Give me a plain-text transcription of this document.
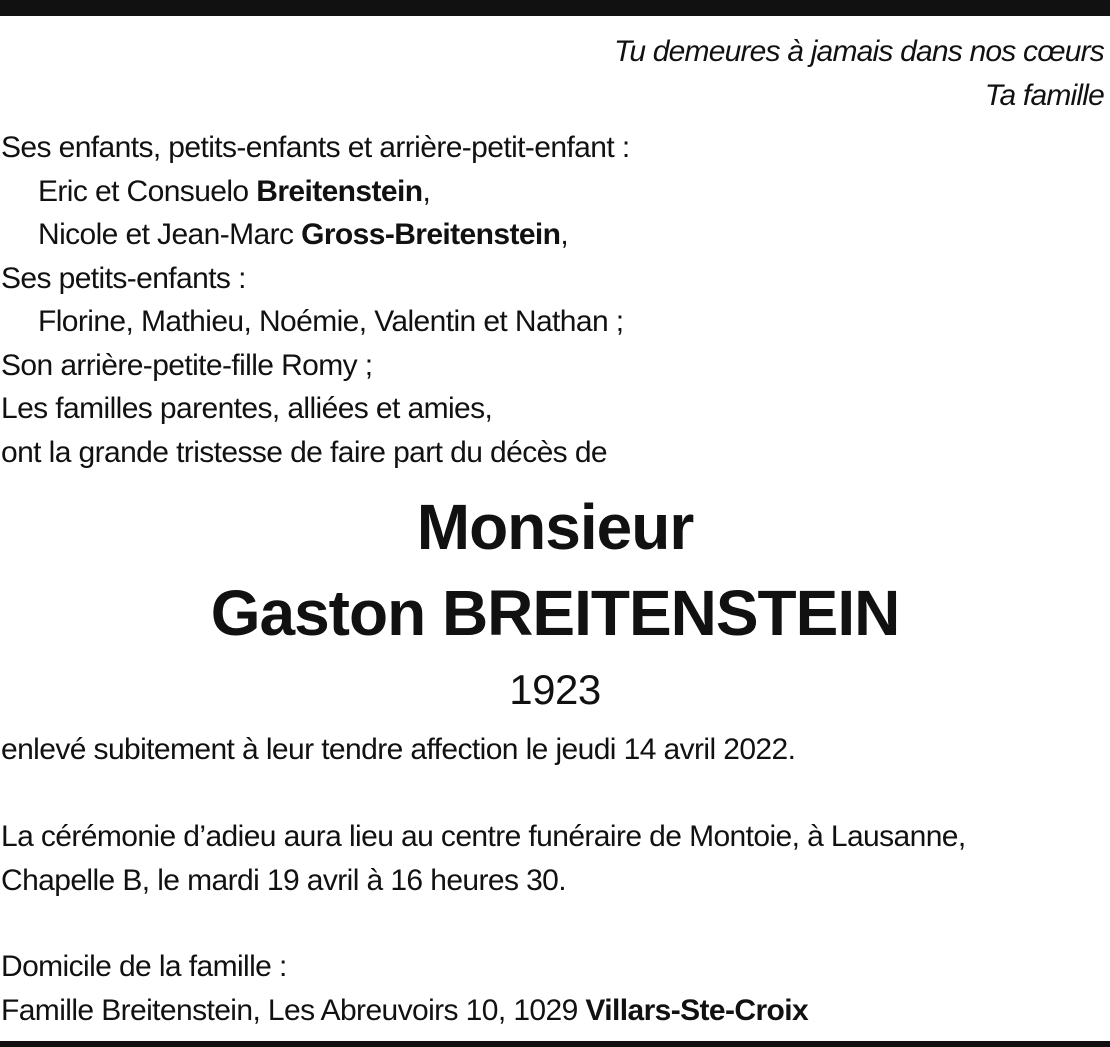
Tu demeures à jamais dans nos cœurs
Ta famille
Ses enfants, petits-enfants et arrière-petit-enfant :
Eric et Consuelo Breitenstein,
Nicole et Jean-Marc Gross-Breitenstein,
Ses petits-enfants :
Florine, Mathieu, Noémie, Valentin et Nathan ;
Son arrière-petite-fille Romy ;
Les familles parentes, alliées et amies,
ont la grande tristesse de faire part du décès de
Monsieur
Gaston BREITENSTEIN
1923
enlevé subitement à leur tendre affection le jeudi 14 avril 2022.
La cérémonie d’adieu aura lieu au centre funéraire de Montoie, à Lausanne,
Chapelle B, le mardi 19 avril à 16 heures 30.
Domicile de la famille :
Famille Breitenstein, Les Abreuvoirs 10, 1029 Villars-Ste-Croix
